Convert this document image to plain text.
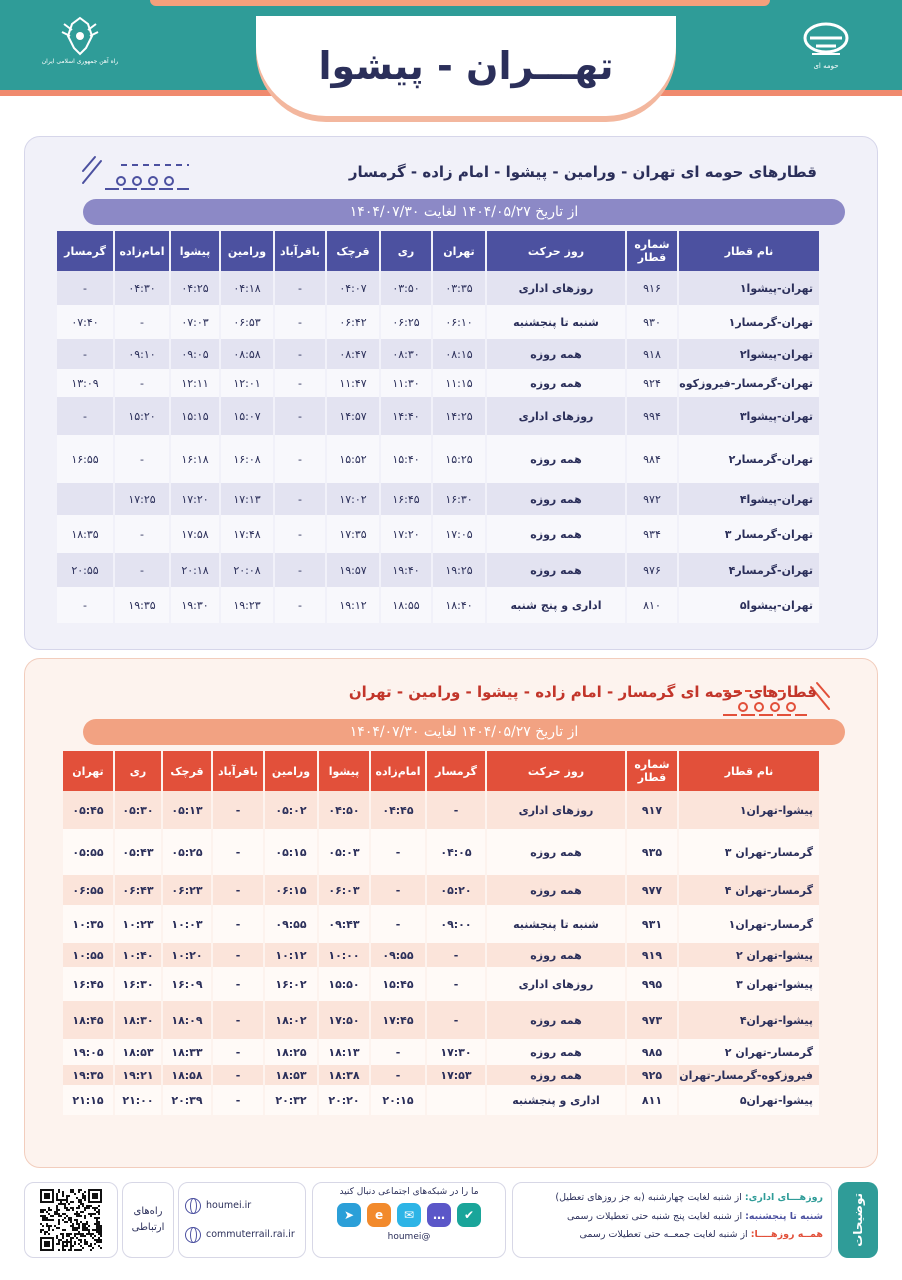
راه آهن جمهوری اسلامی ایران	تهـــران - پیشوا	حومه ای
قطارهای حومه ای تهران - ورامین - پیشوا - امام زاده - گرمسار
از تاریخ ۱۴۰۴/۰۵/۲۷ لغایت ۱۴۰۴/۰۷/۳۰
نام قطار	شماره قطار	روز حرکت	تهران	ری	قرچک	باقرآباد	ورامین	پیشوا	امام‌زاده	گرمسار
تهران-پیشوا۱	۹۱۶	روزهای اداری	۰۳:۳۵	۰۳:۵۰	۰۴:۰۷	-	۰۴:۱۸	۰۴:۲۵	۰۴:۳۰	-
تهران-گرمسار۱	۹۳۰	شنبه تا پنجشنبه	۰۶:۱۰	۰۶:۲۵	۰۶:۴۲	-	۰۶:۵۳	۰۷:۰۳	-	۰۷:۴۰
تهران-پیشوا۲	۹۱۸	همه روزه	۰۸:۱۵	۰۸:۳۰	۰۸:۴۷	-	۰۸:۵۸	۰۹:۰۵	۰۹:۱۰	-
تهران-گرمسار-فیروزکوه	۹۲۴	همه روزه	۱۱:۱۵	۱۱:۳۰	۱۱:۴۷	-	۱۲:۰۱	۱۲:۱۱	-	۱۳:۰۹
تهران-پیشوا۳	۹۹۴	روزهای اداری	۱۴:۲۵	۱۴:۴۰	۱۴:۵۷	-	۱۵:۰۷	۱۵:۱۵	۱۵:۲۰	-
تهران-گرمسار۲	۹۸۴	همه روزه	۱۵:۲۵	۱۵:۴۰	۱۵:۵۲	-	۱۶:۰۸	۱۶:۱۸	-	۱۶:۵۵
تهران-پیشوا۴	۹۷۲	همه روزه	۱۶:۳۰	۱۶:۴۵	۱۷:۰۲	-	۱۷:۱۳	۱۷:۲۰	۱۷:۲۵	
تهران-گرمسار ۳	۹۳۴	همه روزه	۱۷:۰۵	۱۷:۲۰	۱۷:۳۵	-	۱۷:۴۸	۱۷:۵۸	-	۱۸:۳۵
تهران-گرمسار۴	۹۷۶	همه روزه	۱۹:۲۵	۱۹:۴۰	۱۹:۵۷	-	۲۰:۰۸	۲۰:۱۸	-	۲۰:۵۵
تهران-پیشوا۵	۸۱۰	اداری و پنج شنبه	۱۸:۴۰	۱۸:۵۵	۱۹:۱۲	-	۱۹:۲۳	۱۹:۳۰	۱۹:۳۵	-
قطارهای حومه ای گرمسار - امام زاده - پیشوا - ورامین - تهران
از تاریخ ۱۴۰۴/۰۵/۲۷ لغایت ۱۴۰۴/۰۷/۳۰
نام قطار	شماره قطار	روز حرکت	گرمسار	امام‌زاده	پیشوا	ورامین	باقرآباد	قرچک	ری	تهران
پیشوا-تهران۱	۹۱۷	روزهای اداری	-	۰۴:۴۵	۰۴:۵۰	۰۵:۰۲	-	۰۵:۱۳	۰۵:۳۰	۰۵:۴۵
گرمسار-تهران ۳	۹۳۵	همه روزه	۰۴:۰۵	-	۰۵:۰۳	۰۵:۱۵	-	۰۵:۲۵	۰۵:۴۳	۰۵:۵۵
گرمسار-تهران ۴	۹۷۷	همه روزه	۰۵:۲۰	-	۰۶:۰۳	۰۶:۱۵	-	۰۶:۲۳	۰۶:۴۳	۰۶:۵۵
گرمسار-تهران۱	۹۳۱	شنبه تا پنجشنبه	۰۹:۰۰	-	۰۹:۴۳	۰۹:۵۵	-	۱۰:۰۳	۱۰:۲۳	۱۰:۳۵
پیشوا-تهران ۲	۹۱۹	همه روزه	-	۰۹:۵۵	۱۰:۰۰	۱۰:۱۲	-	۱۰:۲۰	۱۰:۴۰	۱۰:۵۵
پیشوا-تهران ۳	۹۹۵	روزهای اداری	-	۱۵:۴۵	۱۵:۵۰	۱۶:۰۲	-	۱۶:۰۹	۱۶:۳۰	۱۶:۴۵
پیشوا-تهران۴	۹۷۳	همه روزه	-	۱۷:۴۵	۱۷:۵۰	۱۸:۰۲	-	۱۸:۰۹	۱۸:۳۰	۱۸:۴۵
گرمسار-تهران ۲	۹۸۵	همه روزه	۱۷:۳۰	-	۱۸:۱۳	۱۸:۲۵	-	۱۸:۳۳	۱۸:۵۳	۱۹:۰۵
فیروزکوه-گرمسار-تهران	۹۲۵	همه روزه	۱۷:۵۳	-	۱۸:۳۸	۱۸:۵۳	-	۱۸:۵۸	۱۹:۲۱	۱۹:۳۵
پیشوا-تهران۵	۸۱۱	اداری و پنجشنبه		۲۰:۱۵	۲۰:۲۰	۲۰:۳۲	-	۲۰:۳۹	۲۱:۰۰	۲۱:۱۵
توضیحات
روزهـــای اداری: از شنبه لغایت چهارشنبه (به جز روزهای تعطیل)
شنبه تا پنجشنبه: از شنبه لغایت پنج شنبه حتی تعطیلات رسمی
همــه روزهــــا: از شنبه لغایت جمعــه حتی تعطیلات رسمی
ما را در شبکه‌های اجتماعی دنبال کنید
✔
…
✉
e
➤
@houmei
houmei.ir
commuterrail.rai.ir
راه‌های ارتباطی
